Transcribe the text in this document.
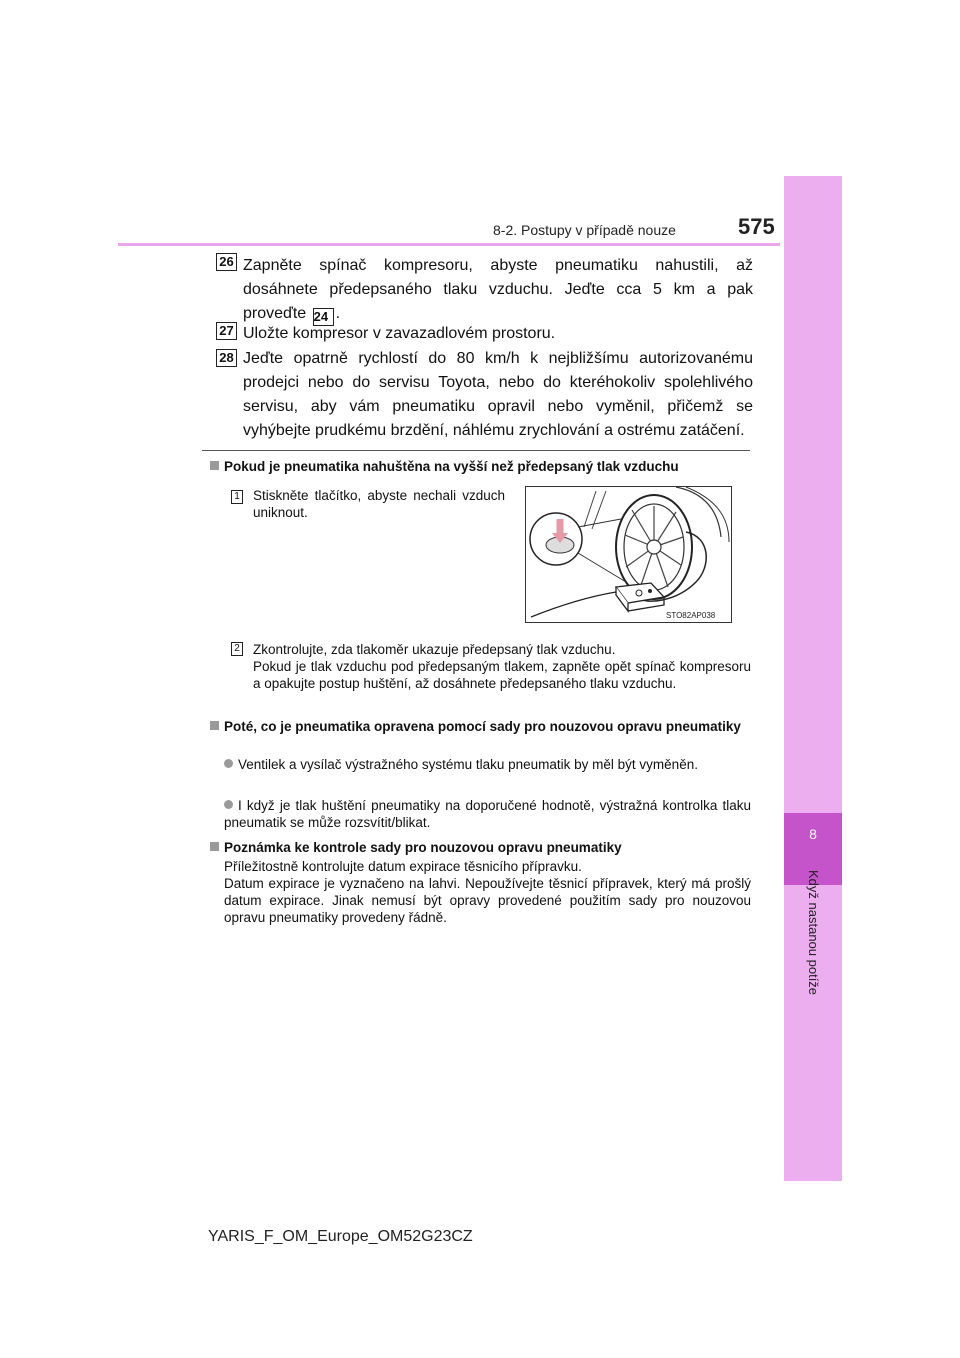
8-2. Postupy v případě nouze	575
8
Když nastanou potíže
26 Zapněte spínač kompresoru, abyste pneumatiku nahustili, až dosáhnete předepsaného tlaku vzduchu. Jeďte cca 5 km a pak proveďte 24 .
27 Uložte kompresor v zavazadlovém prostoru.
28 Jeďte opatrně rychlostí do 80 km/h k nejbližšímu autorizovanému prodejci nebo do servisu Toyota, nebo do kteréhokoliv spolehlivého servisu, aby vám pneumatiku opravil nebo vyměnil, přičemž se vyhýbejte prudkému brzdění, náhlému zrychlování a ostrému zatáčení.
Pokud je pneumatika nahuštěna na vyšší než předepsaný tlak vzduchu
1 Stiskněte tlačítko, abyste nechali vzduch uniknout.
STO82AP038
2 Zkontrolujte, zda tlakoměr ukazuje předepsaný tlak vzduchu.
Pokud je tlak vzduchu pod předepsaným tlakem, zapněte opět spínač kompresoru a opakujte postup huštění, až dosáhnete předepsaného tlaku vzduchu.
Poté, co je pneumatika opravena pomocí sady pro nouzovou opravu pneumatiky
Ventilek a vysílač výstražného systému tlaku pneumatik by měl být vyměněn.
I když je tlak huštění pneumatiky na doporučené hodnotě, výstražná kontrolka tlaku pneumatik se může rozsvítit/blikat.
Poznámka ke kontrole sady pro nouzovou opravu pneumatiky
Příležitostně kontrolujte datum expirace těsnicího přípravku.
Datum expirace je vyznačeno na lahvi. Nepoužívejte těsnicí přípravek, který má prošlý datum expirace. Jinak nemusí být opravy provedené použitím sady pro nouzovou opravu pneumatiky provedeny řádně.
YARIS_F_OM_Europe_OM52G23CZ
